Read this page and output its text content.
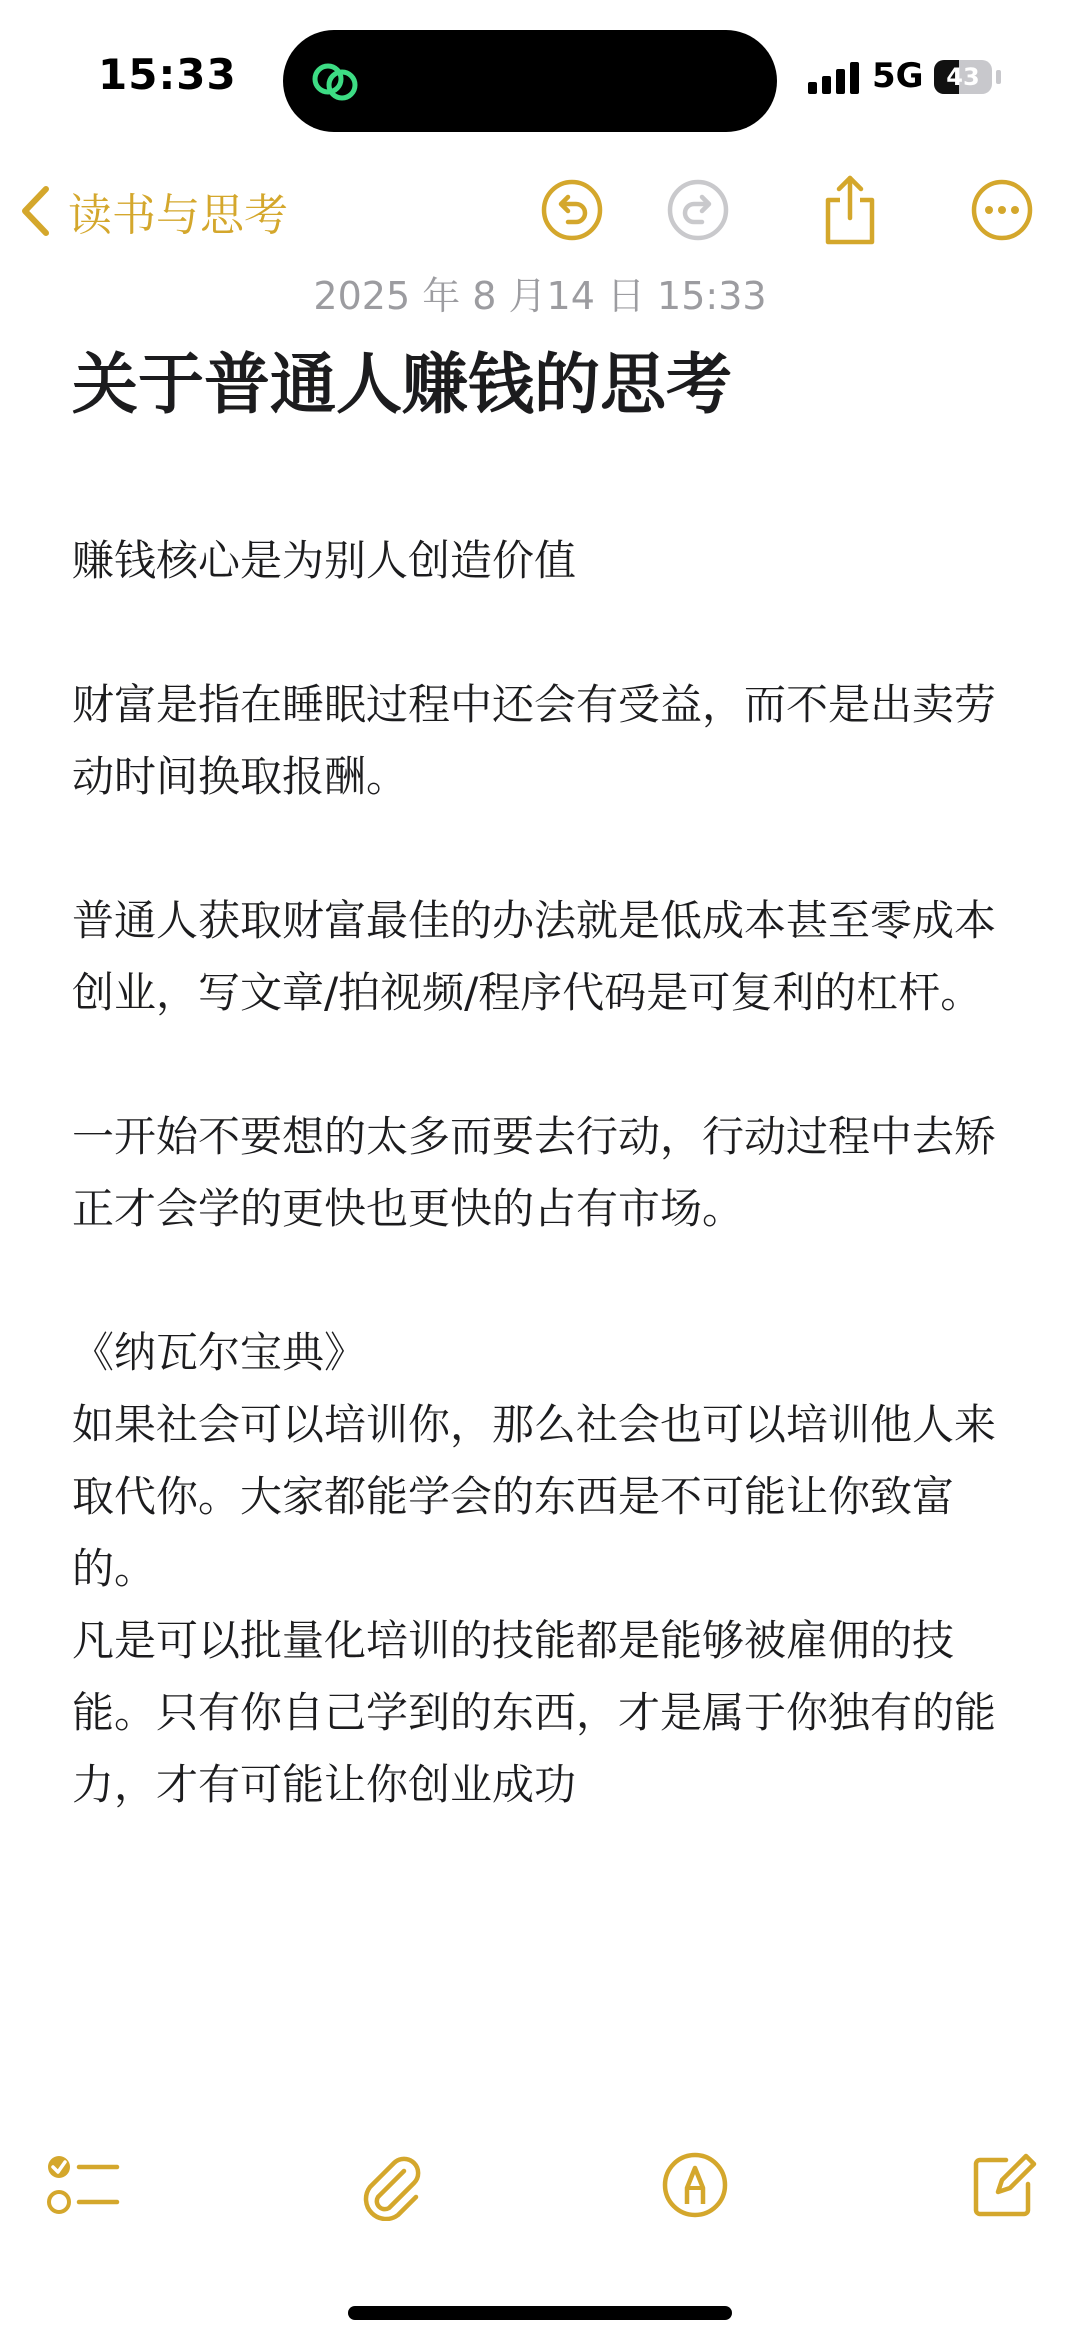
15:33	5G 43
读书与思考
2025 年 8 月14 日 15:33
关于普通人赚钱的思考

赚钱核心是为别人创造价值

财富是指在睡眠过程中还会有受益，而不是出卖劳动时间换取报酬。

普通人获取财富最佳的办法就是低成本甚至零成本创业，写文章/拍视频/程序代码是可复利的杠杆。

一开始不要想的太多而要去行动，行动过程中去矫正才会学的更快也更快的占有市场。

《纳瓦尔宝典》

如果社会可以培训你，那么社会也可以培训他人来取代你。大家都能学会的东西是不可能让你致富的。

凡是可以批量化培训的技能都是能够被雇佣的技能。只有你自己学到的东西，才是属于你独有的能力，才有可能让你创业成功
